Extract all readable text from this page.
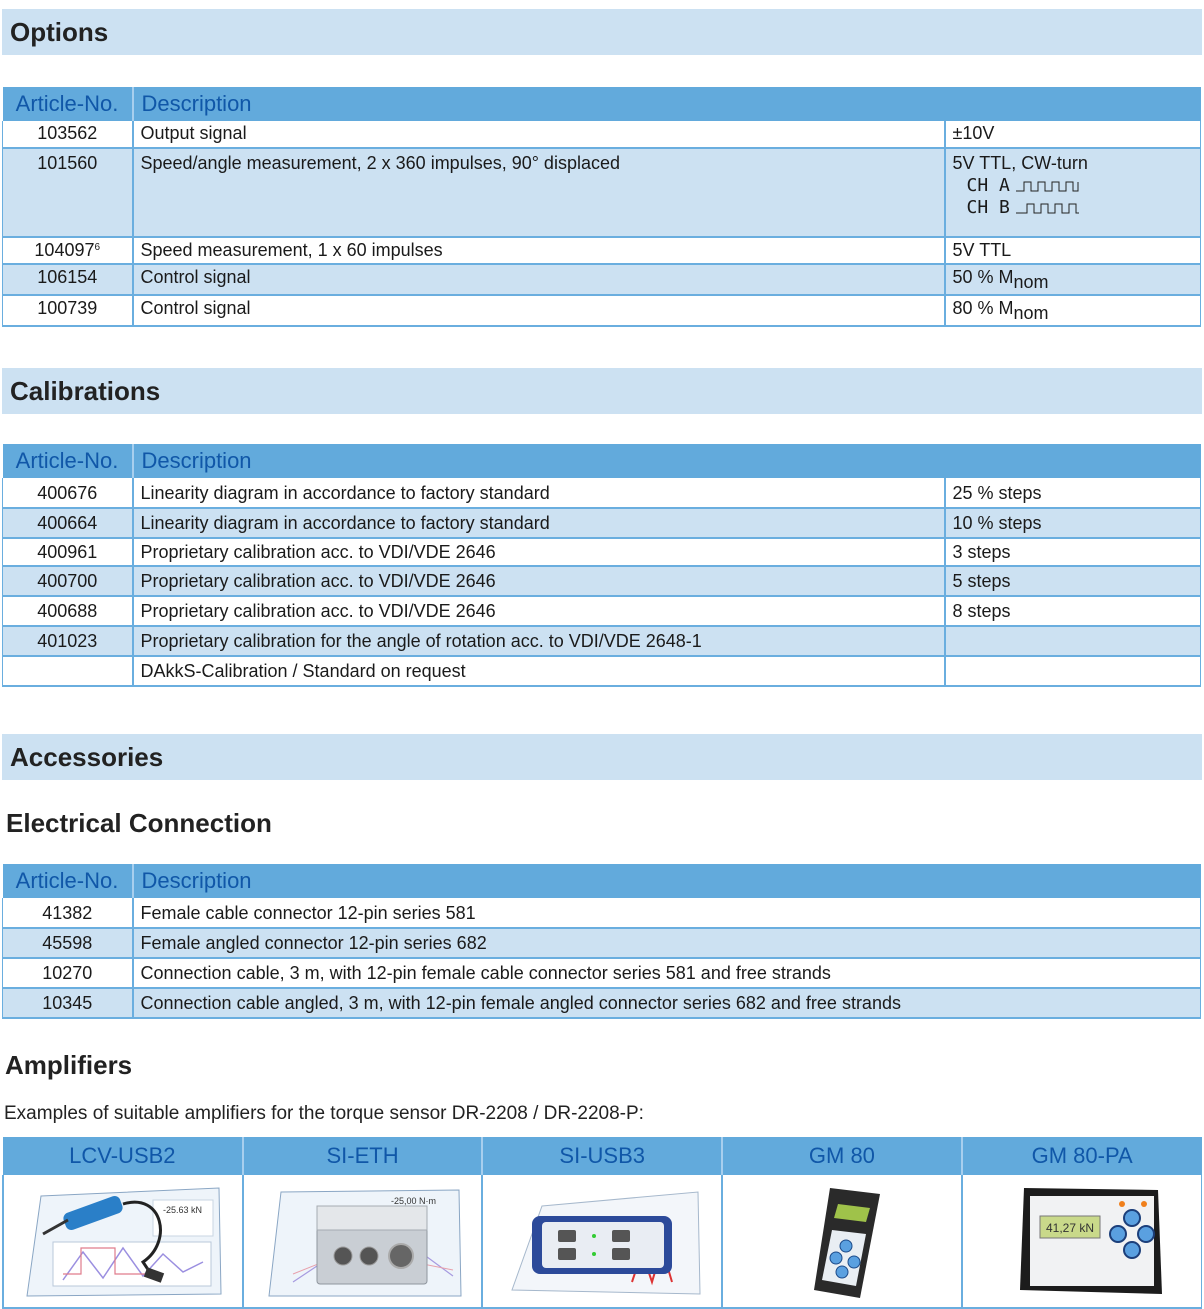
Options
Article-No.	Description	
103562	Output signal	±10V
101560	Speed/angle measurement, 2 x 360 impulses, 90° displaced	5V TTL, CW-turn
CH A
CH B

104097$^6$	Speed measurement, 1 x 60 impulses	5V TTL
106154	Control signal	50 % $M_{nom}$
100739	Control signal	80 % $M_{nom}$
Calibrations
Article-No.	Description	
400676	Linearity diagram in accordance to factory standard	25 % steps
400664	Linearity diagram in accordance to factory standard	10 % steps
400961	Proprietary calibration acc. to VDI/VDE 2646	3 steps
400700	Proprietary calibration acc. to VDI/VDE 2646	5 steps
400688	Proprietary calibration acc. to VDI/VDE 2646	8 steps
401023	Proprietary calibration for the angle of rotation acc. to VDI/VDE 2648-1	
	DAkkS-Calibration / Standard on request	
Accessories
Electrical Connection
Article-No.	Description
41382	Female cable connector 12-pin series 581
45598	Female angled connector 12-pin series 682
10270	Connection cable, 3 m, with 12-pin female cable connector series 581 and free strands
10345	Connection cable angled, 3 m, with 12-pin female angled connector series 682 and free strands
Amplifiers
Examples of suitable amplifiers for the torque sensor DR-2208 / DR-2208-P:
LCV-USB2	SI-ETH	SI-USB3	GM 80	GM 80-PA

-25.63 kN	-25,00 N·m			41,27 kN
